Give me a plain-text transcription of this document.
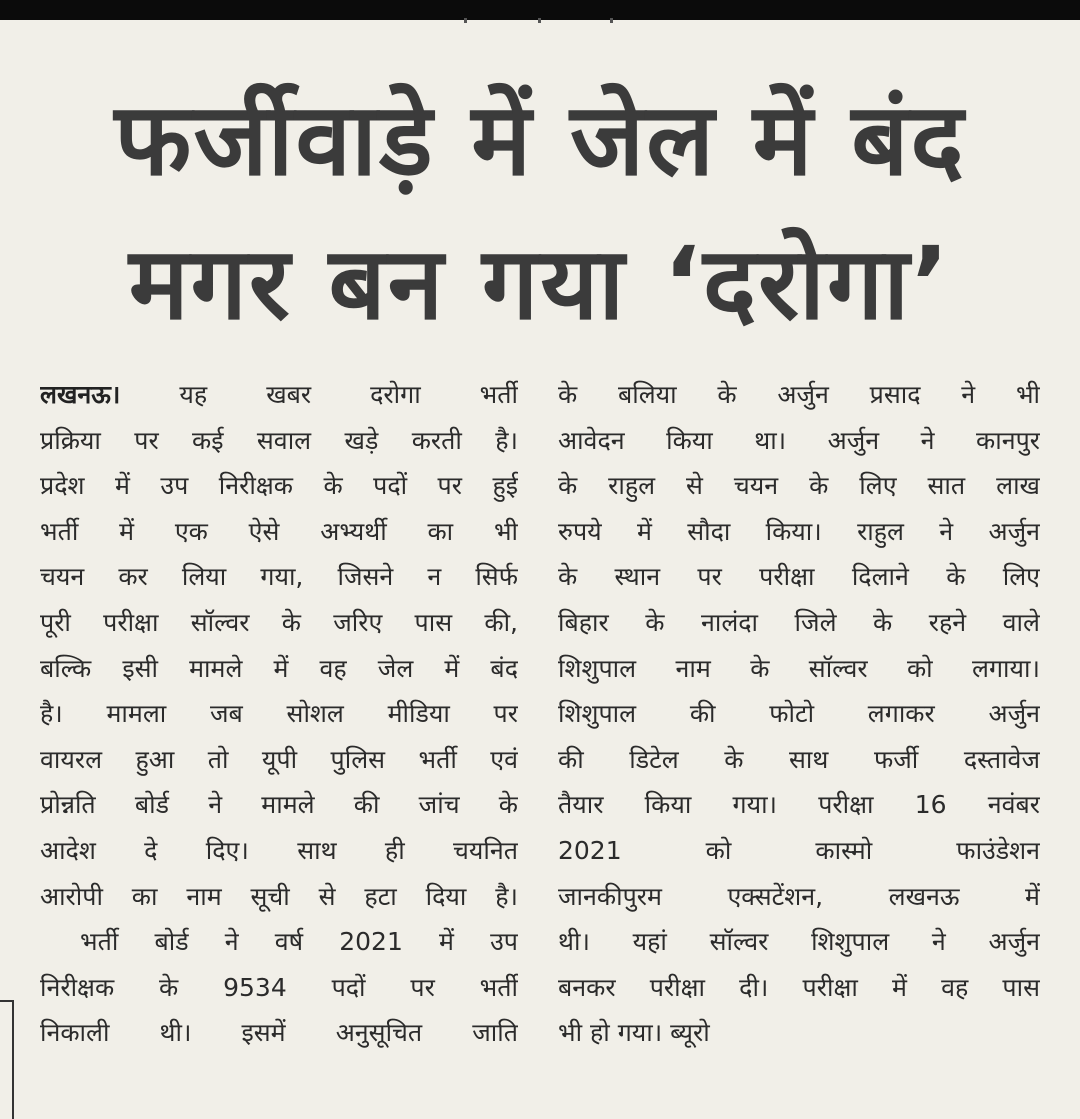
फर्जीवाड़े में जेल में बंद
मगर बन गया ‘दरोगा’
लखनऊ। यह खबर दरोगा भर्ती
प्रक्रिया पर कई सवाल खड़े करती है।
प्रदेश में उप निरीक्षक के पदों पर हुई
भर्ती में एक ऐसे अभ्यर्थी का भी
चयन कर लिया गया, जिसने न सिर्फ
पूरी परीक्षा सॉल्वर के जरिए पास की,
बल्कि इसी मामले में वह जेल में बंद
है। मामला जब सोशल मीडिया पर
वायरल हुआ तो यूपी पुलिस भर्ती एवं
प्रोन्नति बोर्ड ने मामले की जांच के
आदेश दे दिए। साथ ही चयनित
आरोपी का नाम सूची से हटा दिया है।
भर्ती बोर्ड ने वर्ष 2021 में उप
निरीक्षक के 9534 पदों पर भर्ती
निकाली थी। इसमें अनुसूचित जाति
के बलिया के अर्जुन प्रसाद ने भी
आवेदन किया था। अर्जुन ने कानपुर
के राहुल से चयन के लिए सात लाख
रुपये में सौदा किया। राहुल ने अर्जुन
के स्थान पर परीक्षा दिलाने के लिए
बिहार के नालंदा जिले के रहने वाले
शिशुपाल नाम के सॉल्वर को लगाया।
शिशुपाल की फोटो लगाकर अर्जुन
की डिटेल के साथ फर्जी दस्तावेज
तैयार किया गया। परीक्षा 16 नवंबर
2021 को कास्मो फाउंडेशन
जानकीपुरम एक्सटेंशन, लखनऊ में
थी। यहां सॉल्वर शिशुपाल ने अर्जुन
बनकर परीक्षा दी। परीक्षा में वह पास
भी हो गया। ब्यूरो
